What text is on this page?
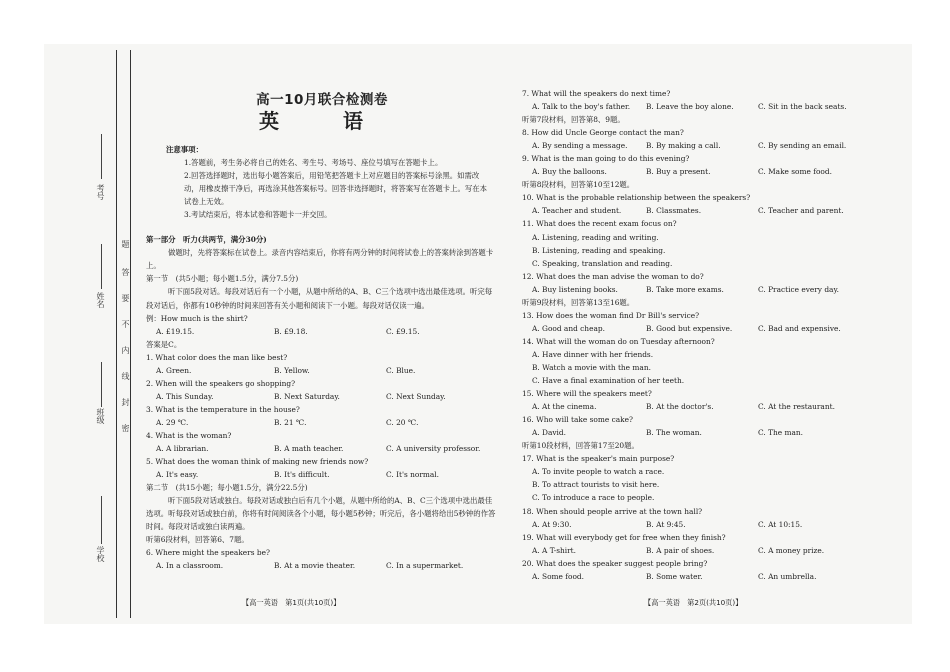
考号
姓名
班级
学校
题
答
要
不
内
线
封
密
高一10月联合检测卷
英　语
注意事项：
1.答题前，考生务必将自己的姓名、考生号、考场号、座位号填写在答题卡上。
2.回答选择题时，选出每小题答案后，用铅笔把答题卡上对应题目的答案标号涂黑。如需改动，用橡皮擦干净后，再选涂其他答案标号。回答非选择题时，将答案写在答题卡上。写在本试卷上无效。
3.考试结束后，将本试卷和答题卡一并交回。
第一部分　听力(共两节，满分30分)
做题时，先将答案标在试卷上。录音内容结束后，你将有两分钟的时间将试卷上的答案转涂到答题卡上。
第一节　(共5小题；每小题1.5分，满分7.5分)
听下面5段对话。每段对话后有一个小题，从题中所给的A、B、C三个选项中选出最佳选项。听完每段对话后，你都有10秒钟的时间来回答有关小题和阅读下一小题。每段对话仅读一遍。
例：How much is the shirt?
A. £19.15.	B. £9.18.	C. £9.15.
答案是C。
1. What color does the man like best?
A. Green.	B. Yellow.	C. Blue.
2. When will the speakers go shopping?
A. This Sunday.	B. Next Saturday.	C. Next Sunday.
3. What is the temperature in the house?
A. 29 ℃.	B. 21 ℃.	C. 20 ℃.
4. What is the woman?
A. A librarian.	B. A math teacher.	C. A university professor.
5. What does the woman think of making new friends now?
A. It's easy.	B. It's difficult.	C. It's normal.
第二节　(共15小题；每小题1.5分，满分22.5分)
听下面5段对话或独白。每段对话或独白后有几个小题，从题中所给的A、B、C三个选项中选出最佳选项。听每段对话或独白前，你将有时间阅读各个小题，每小题5秒钟；听完后，各小题将给出5秒钟的作答时间。每段对话或独白读两遍。
听第6段材料，回答第6、7题。
6. Where might the speakers be?
A. In a classroom.	B. At a movie theater.	C. In a supermarket.
7. What will the speakers do next time?
A. Talk to the boy's father.	B. Leave the boy alone.	C. Sit in the back seats.
听第7段材料，回答第8、9题。
8. How did Uncle George contact the man?
A. By sending a message.	B. By making a call.	C. By sending an email.
9. What is the man going to do this evening?
A. Buy the balloons.	B. Buy a present.	C. Make some food.
听第8段材料，回答第10至12题。
10. What is the probable relationship between the speakers?
A. Teacher and student.	B. Classmates.	C. Teacher and parent.
11. What does the recent exam focus on?
A. Listening, reading and writing.
B. Listening, reading and speaking.
C. Speaking, translation and reading.
12. What does the man advise the woman to do?
A. Buy listening books.	B. Take more exams.	C. Practice every day.
听第9段材料，回答第13至16题。
13. How does the woman find Dr Bill's service?
A. Good and cheap.	B. Good but expensive.	C. Bad and expensive.
14. What will the woman do on Tuesday afternoon?
A. Have dinner with her friends.
B. Watch a movie with the man.
C. Have a final examination of her teeth.
15. Where will the speakers meet?
A. At the cinema.	B. At the doctor's.	C. At the restaurant.
16. Who will take some cake?
A. David.	B. The woman.	C. The man.
听第10段材料，回答第17至20题。
17. What is the speaker's main purpose?
A. To invite people to watch a race.
B. To attract tourists to visit here.
C. To introduce a race to people.
18. When should people arrive at the town hall?
A. At 9:30.	B. At 9:45.	C. At 10:15.
19. What will everybody get for free when they finish?
A. A T-shirt.	B. A pair of shoes.	C. A money prize.
20. What does the speaker suggest people bring?
A. Some food.	B. Some water.	C. An umbrella.
【高一英语　第1页(共10页)】	【高一英语　第2页(共10页)】
